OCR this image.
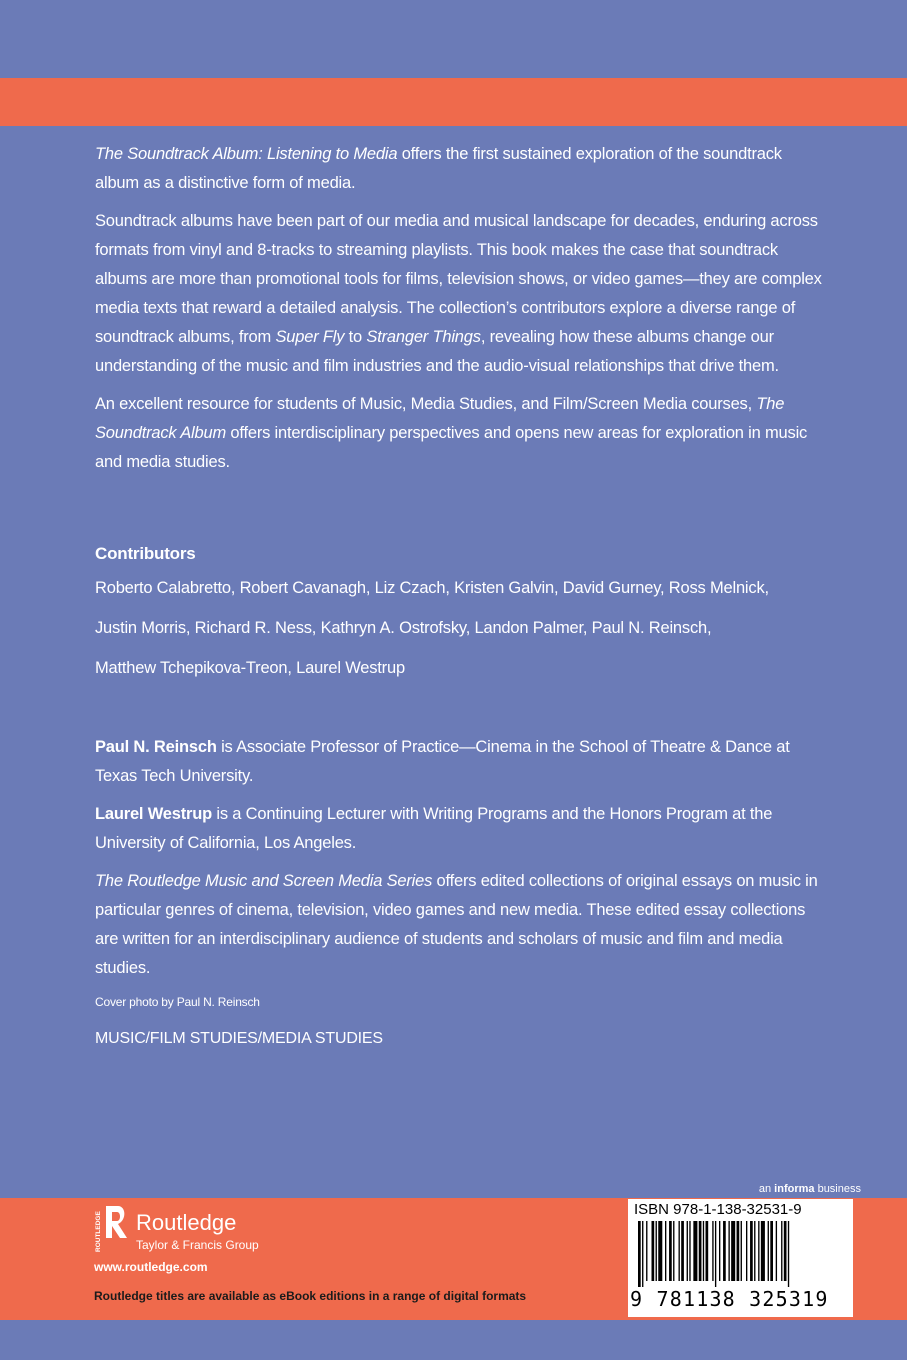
The Soundtrack Album: Listening to Media offers the first sustained exploration of the soundtrack album as a distinctive form of media.

Soundtrack albums have been part of our media and musical landscape for decades, enduring across formats from vinyl and 8-tracks to streaming playlists. This book makes the case that soundtrack albums are more than promotional tools for films, television shows, or video games—they are complex media texts that reward a detailed analysis. The collection’s contributors explore a diverse range of soundtrack albums, from Super Fly to Stranger Things, revealing how these albums change our understanding of the music and film industries and the audio-visual relationships that drive them.

An excellent resource for students of Music, Media Studies, and Film/Screen Media courses, The Soundtrack Album offers interdisciplinary perspectives and opens new areas for exploration in music and media studies.

Contributors

Roberto Calabretto, Robert Cavanagh, Liz Czach, Kristen Galvin, David Gurney, Ross Melnick,

Justin Morris, Richard R. Ness, Kathryn A. Ostrofsky, Landon Palmer, Paul N. Reinsch,

Matthew Tchepikova-Treon, Laurel Westrup

Paul N. Reinsch is Associate Professor of Practice—Cinema in the School of Theatre & Dance at Texas Tech University.

Laurel Westrup is a Continuing Lecturer with Writing Programs and the Honors Program at the University of California, Los Angeles.

The Routledge Music and Screen Media Series offers edited collections of original essays on music in particular genres of cinema, television, video games and new media. These edited essay collections are written for an interdisciplinary audience of students and scholars of music and film and media studies.

Cover photo by Paul N. Reinsch

MUSIC/FILM STUDIES/MEDIA STUDIES

an informa business
ROUTLEDGE Routledge
Taylor & Francis Group
www.routledge.com
Routledge titles are available as eBook editions in a range of digital formats
ISBN 978-1-138-32531-9
9 781138 325319
